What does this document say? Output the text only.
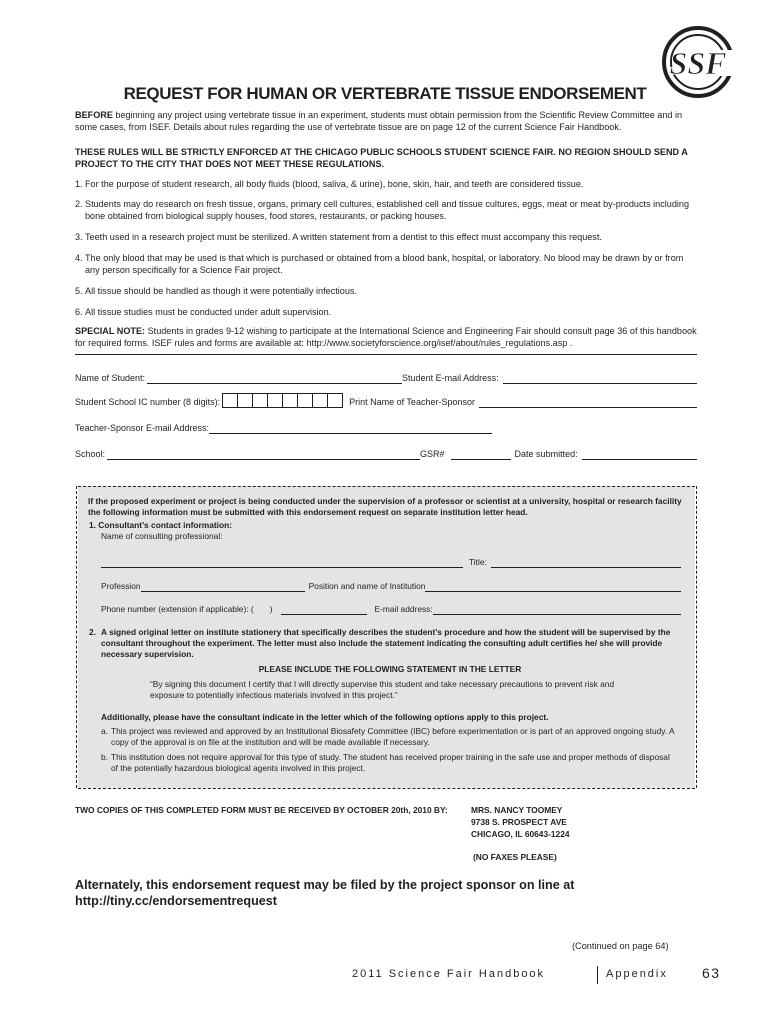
SSF
REQUEST FOR HUMAN OR VERTEBRATE TISSUE ENDORSEMENT
BEFORE beginning any project using vertebrate tissue in an experiment, students must obtain permission from the Scientific Review Committee and in some cases, from ISEF. Details about rules regarding the use of vertebrate tissue are on page 12 of the current Science Fair Handbook.
THESE RULES WILL BE STRICTLY ENFORCED AT THE CHICAGO PUBLIC SCHOOLS STUDENT SCIENCE FAIR. NO REGION SHOULD SEND A PROJECT TO THE CITY THAT DOES NOT MEET THESE REGULATIONS.
1. For the purpose of student research, all body fluids (blood, saliva, & urine), bone, skin, hair, and teeth are considered tissue.
2. Students may do research on fresh tissue, organs, primary cell cultures, established cell and tissue cultures, eggs, meat or meat by-products including bone obtained from biological supply houses, food stores, restaurants, or packing houses.
3. Teeth used in a research project must be sterilized. A written statement from a dentist to this effect must accompany this request.
4. The only blood that may be used is that which is purchased or obtained from a blood bank, hospital, or laboratory. No blood may be drawn by or from any person specifically for a Science Fair project.
5. All tissue should be handled as though it were potentially infectious.
6. All tissue studies must be conducted under adult supervision.
SPECIAL NOTE: Students in grades 9-12 wishing to participate at the International Science and Engineering Fair should consult page 36 of this handbook for required forms. ISEF rules and forms are available at: http://www.societyforscience.org/isef/about/rules_regulations.asp .
Name of Student:	Student E-mail Address:
Student School IC number (8 digits):	Print Name of Teacher-Sponsor
Teacher-Sponsor E-mail Address:
School:	GSR#	Date submitted:
If the proposed experiment or project is being conducted under the supervision of a professor or scientist at a university, hospital or research facility the following information must be submitted with this endorsement request on separate institution letter head.
1. Consultant’s contact information:
Name of consulting professional:
Title:
Profession	Position and name of Institution
Phone number (extension if applicable): ( )	E-mail address:
2. A signed original letter on institute stationery that specifically describes the student’s procedure and how the student will be supervised by the consultant throughout the experiment. The letter must also include the statement indicating the consulting adult certifies he/ she will provide necessary supervision.
PLEASE INCLUDE THE FOLLOWING STATEMENT IN THE LETTER
“By signing this document I certify that I will directly supervise this student and take necessary precautions to prevent risk and exposure to potentially infectious materials involved in this project.”
Additionally, please have the consultant indicate in the letter which of the following options apply to this project.
a. This project was reviewed and approved by an Institutional Biosafety Committee (IBC) before experimentation or is part of an approved ongoing study. A copy of the approval is on file at the institution and will be made available if necessary.
b. This institution does not require approval for this type of study. The student has received proper training in the safe use and proper methods of disposal of the potentially hazardous biological agents involved in this project.
TWO COPIES OF THIS COMPLETED FORM MUST BE RECEIVED BY OCTOBER 20th, 2010 BY:	MRS. NANCY TOOMEY
9738 S. PROSPECT AVE
CHICAGO, IL 60643-1224
(NO FAXES PLEASE)
Alternately, this endorsement request may be filed by the project sponsor on line at
http://tiny.cc/endorsementrequest
(Continued on page 64)
2011 Science Fair Handbook	Appendix 63
